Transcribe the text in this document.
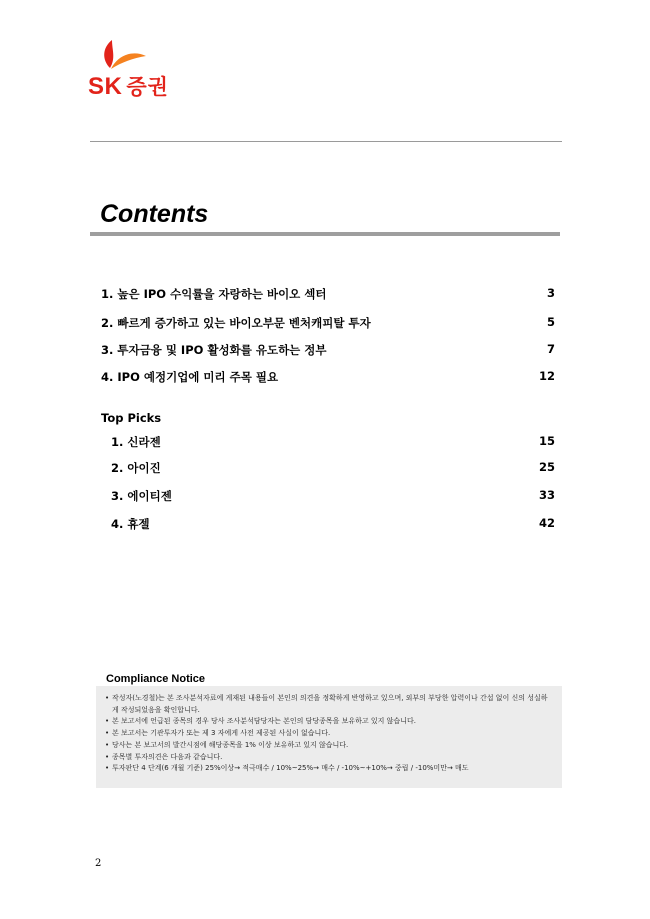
SK 증권
Contents
1. 높은 IPO 수익률을 자랑하는 바이오 섹터	3
2. 빠르게 증가하고 있는 바이오부문 벤처캐피탈 투자	5
3. 투자금융 및 IPO 활성화를 유도하는 정부	7
4. IPO 예정기업에 미리 주목 필요	12
Top Picks
1. 신라젠	15
2. 아이진	25
3. 에이티젠	33
4. 휴젤	42
Compliance Notice
• 작성자(노경철)는 본 조사분석자료에 게재된 내용들이 본인의 의견을 정확하게 반영하고 있으며, 외부의 부당한 압력이나 간섭 없이 신의 성실하게 작성되었음을 확인합니다.
• 본 보고서에 언급된 종목의 경우 당사 조사분석담당자는 본인의 담당종목을 보유하고 있지 않습니다.
• 본 보고서는 기관투자가 또는 제 3 자에게 사전 제공된 사실이 없습니다.
• 당사는 본 보고서의 발간시점에 해당종목을 1% 이상 보유하고 있지 않습니다.
• 종목별 투자의견은 다음과 같습니다.
• 투자판단 4 단계(6 개월 기준) 25%이상→ 적극매수 / 10%~25%→ 매수 / -10%~+10%→ 중립 / -10%미만→ 매도
2
